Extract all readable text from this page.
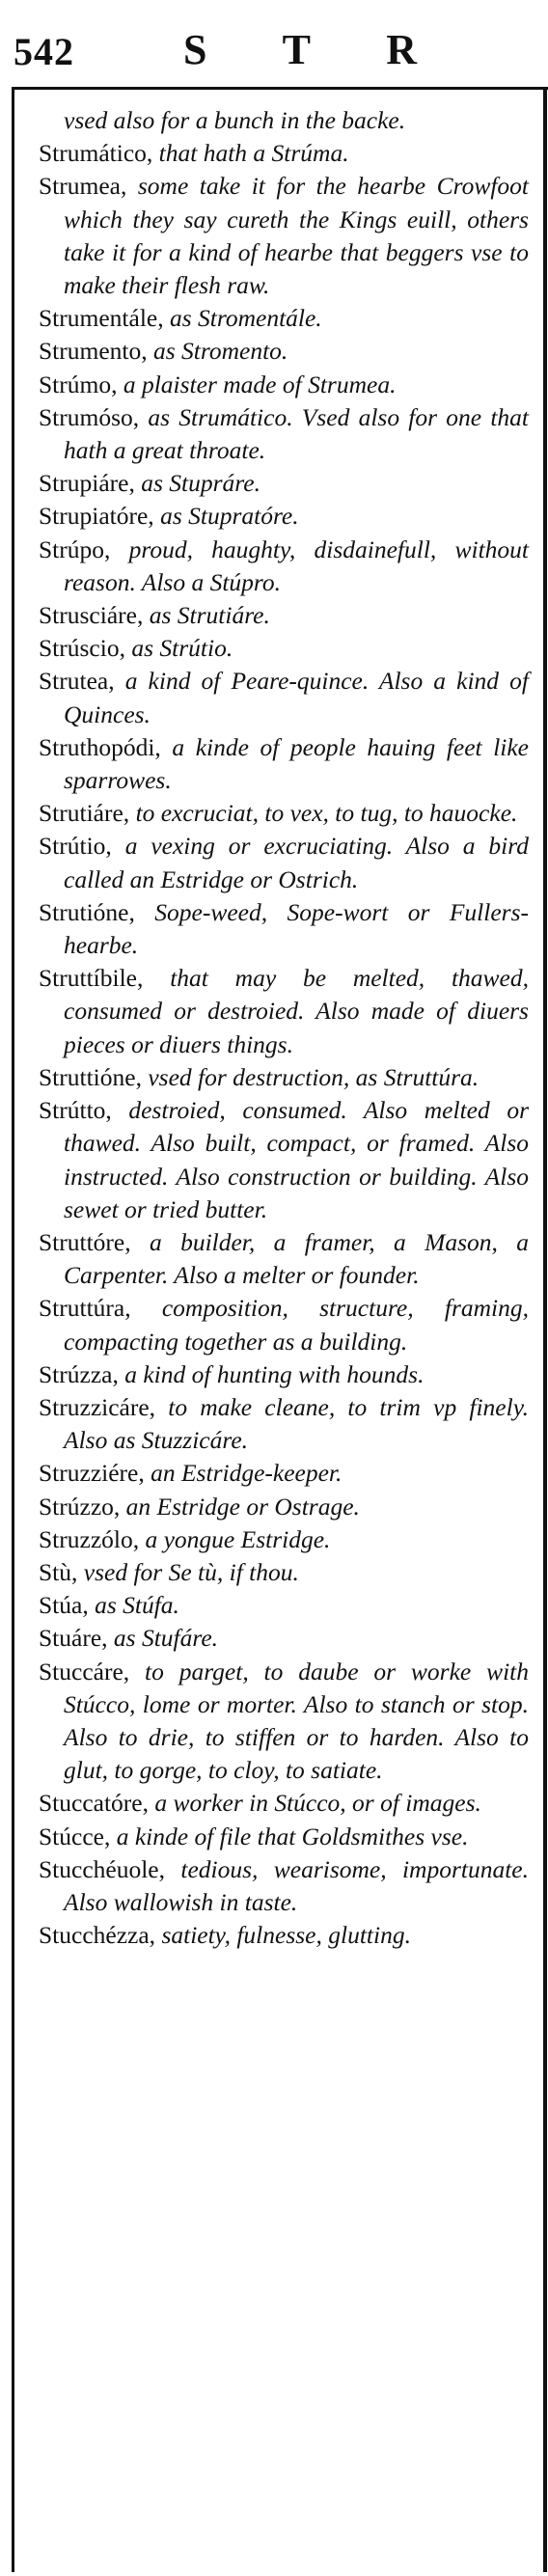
542	S T R

vsed also for a bunch in the backe.

Strumático, that hath a Strúma.

Strumea, some take it for the hearbe Crowfoot which they say cureth the Kings euill, others take it for a kind of hearbe that beggers vse to make their flesh raw.

Strumentále, as Stromentále.

Strumento, as Stromento.

Strúmo, a plaister made of Strumea.

Strumóso, as Strumático. Vsed also for one that hath a great throate.

Strupiáre, as Stupráre.

Strupiatóre, as Stupratóre.

Strúpo, proud, haughty, disdainefull, without reason. Also a Stúpro.

Strusciáre, as Strutiáre.

Strúscio, as Strútio.

Strutea, a kind of Peare-quince. Also a kind of Quinces.

Struthopódi, a kinde of people hauing feet like sparrowes.

Strutiáre, to excruciat, to vex, to tug, to hauocke.

Strútio, a vexing or excruciating. Also a bird called an Estridge or Ostrich.

Strutióne, Sope-weed, Sope-wort or Fullers-hearbe.

Struttíbile, that may be melted, thawed, consumed or destroied. Also made of diuers pieces or diuers things.

Struttióne, vsed for destruction, as Struttúra.

Strútto, destroied, consumed. Also melted or thawed. Also built, compact, or framed. Also instructed. Also construction or building. Also sewet or tried butter.

Struttóre, a builder, a framer, a Mason, a Carpenter. Also a melter or founder.

Struttúra, composition, structure, framing, compacting together as a building.

Strúzza, a kind of hunting with hounds.

Struzzicáre, to make cleane, to trim vp finely. Also as Stuzzicáre.

Struzziére, an Estridge-keeper.

Strúzzo, an Estridge or Ostrage.

Struzzólo, a yongue Estridge.

Stù, vsed for Se tù, if thou.

Stúa, as Stúfa.

Stuáre, as Stufáre.

Stuccáre, to parget, to daube or worke with Stúcco, lome or morter. Also to stanch or stop. Also to drie, to stiffen or to harden. Also to glut, to gorge, to cloy, to satiate.

Stuccatóre, a worker in Stúcco, or of images.

Stúcce, a kinde of file that Goldsmithes vse.

Stucchéuole, tedious, wearisome, importunate. Also wallowish in taste.

Stucchézza, satiety, fulnesse, glutting.
